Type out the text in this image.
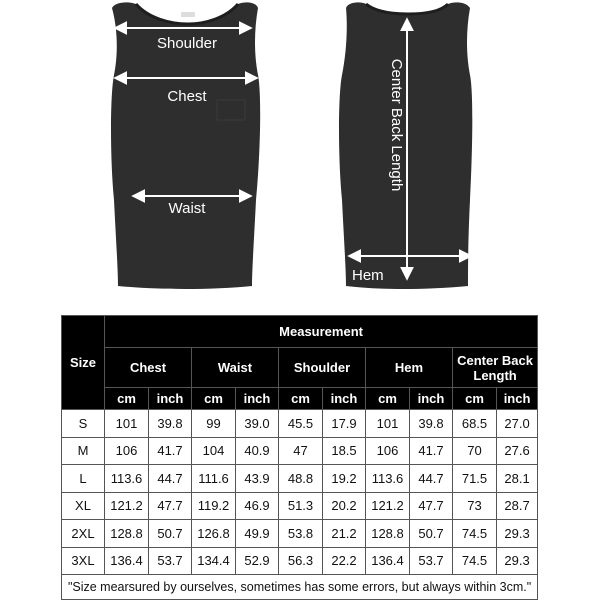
Shoulder
Chest
Waist
Center Back Length
Hem
Size	Measurement									
	Chest		Waist		Shoulder		Hem		Center Back Length	
	cm	inch	cm	inch	cm	inch	cm	inch	cm	inch
S	101	39.8	99	39.0	45.5	17.9	101	39.8	68.5	27.0
M	106	41.7	104	40.9	47	18.5	106	41.7	70	27.6
L	113.6	44.7	111.6	43.9	48.8	19.2	113.6	44.7	71.5	28.1
XL	121.2	47.7	119.2	46.9	51.3	20.2	121.2	47.7	73	28.7
2XL	128.8	50.7	126.8	49.9	53.8	21.2	128.8	50.7	74.5	29.3
3XL	136.4	53.7	134.4	52.9	56.3	22.2	136.4	53.7	74.5	29.3
"Size mearsured by ourselves, sometimes has some errors, but always within 3cm."										
